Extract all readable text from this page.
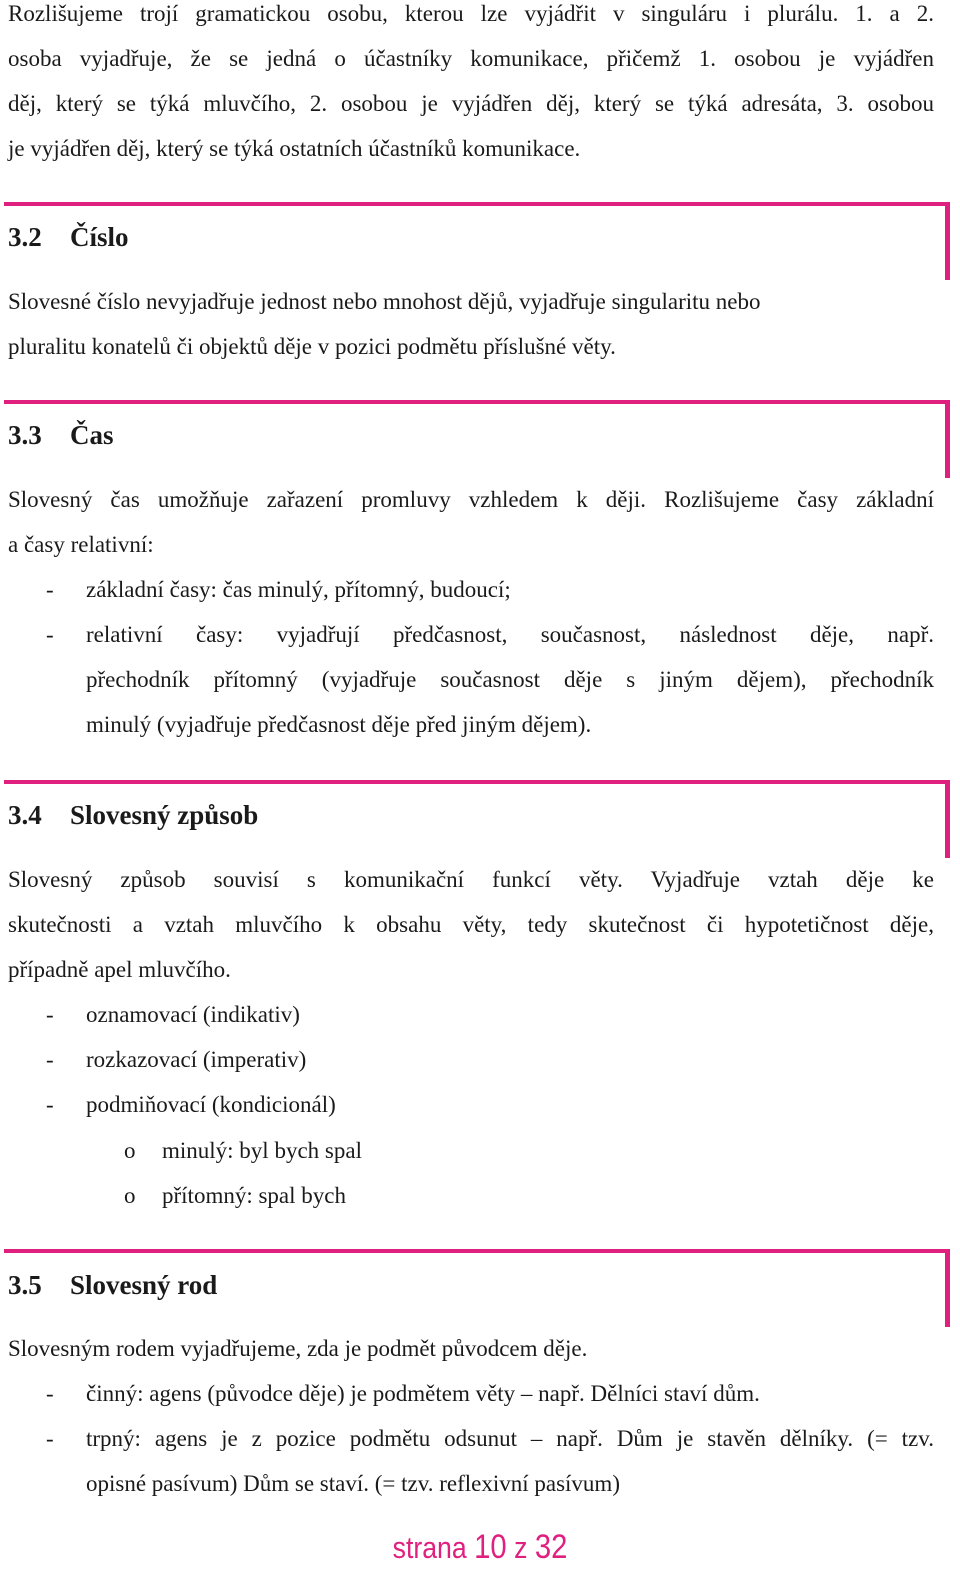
Rozlišujeme trojí gramatickou osobu, kterou lze vyjádřit v singuláru i plurálu. 1. a 2.

osoba vyjadřuje, že se jedná o účastníky komunikace, přičemž 1. osobou je vyjádřen

děj, který se týká mluvčího, 2. osobou je vyjádřen děj, který se týká adresáta, 3. osobou

je vyjádřen děj, který se týká ostatních účastníků komunikace.

3.2 Číslo

Slovesné číslo nevyjadřuje jednost nebo mnohost dějů, vyjadřuje singularitu nebo

pluralitu konatelů či objektů děje v pozici podmětu příslušné věty.

3.3 Čas

Slovesný čas umožňuje zařazení promluvy vzhledem k ději. Rozlišujeme časy základní

a časy relativní:

- základní časy: čas minulý, přítomný, budoucí;

- relativní časy: vyjadřují předčasnost, současnost, následnost děje, např.

přechodník přítomný (vyjadřuje současnost děje s jiným dějem), přechodník

minulý (vyjadřuje předčasnost děje před jiným dějem).

3.4 Slovesný způsob

Slovesný způsob souvisí s komunikační funkcí věty. Vyjadřuje vztah děje ke

skutečnosti a vztah mluvčího k obsahu věty, tedy skutečnost či hypotetičnost děje,

případně apel mluvčího.

- oznamovací (indikativ)

- rozkazovací (imperativ)

- podmiňovací (kondicionál)

o minulý: byl bych spal
o přítomný: spal bych
3.5 Slovesný rod

Slovesným rodem vyjadřujeme, zda je podmět původcem děje.

- činný: agens (původce děje) je podmětem věty – např. Dělníci staví dům.

- trpný: agens je z pozice podmětu odsunut – např. Dům je stavěn dělníky. (= tzv.

opisné pasívum) Dům se staví. (= tzv. reflexivní pasívum)

strana 10 z 32
